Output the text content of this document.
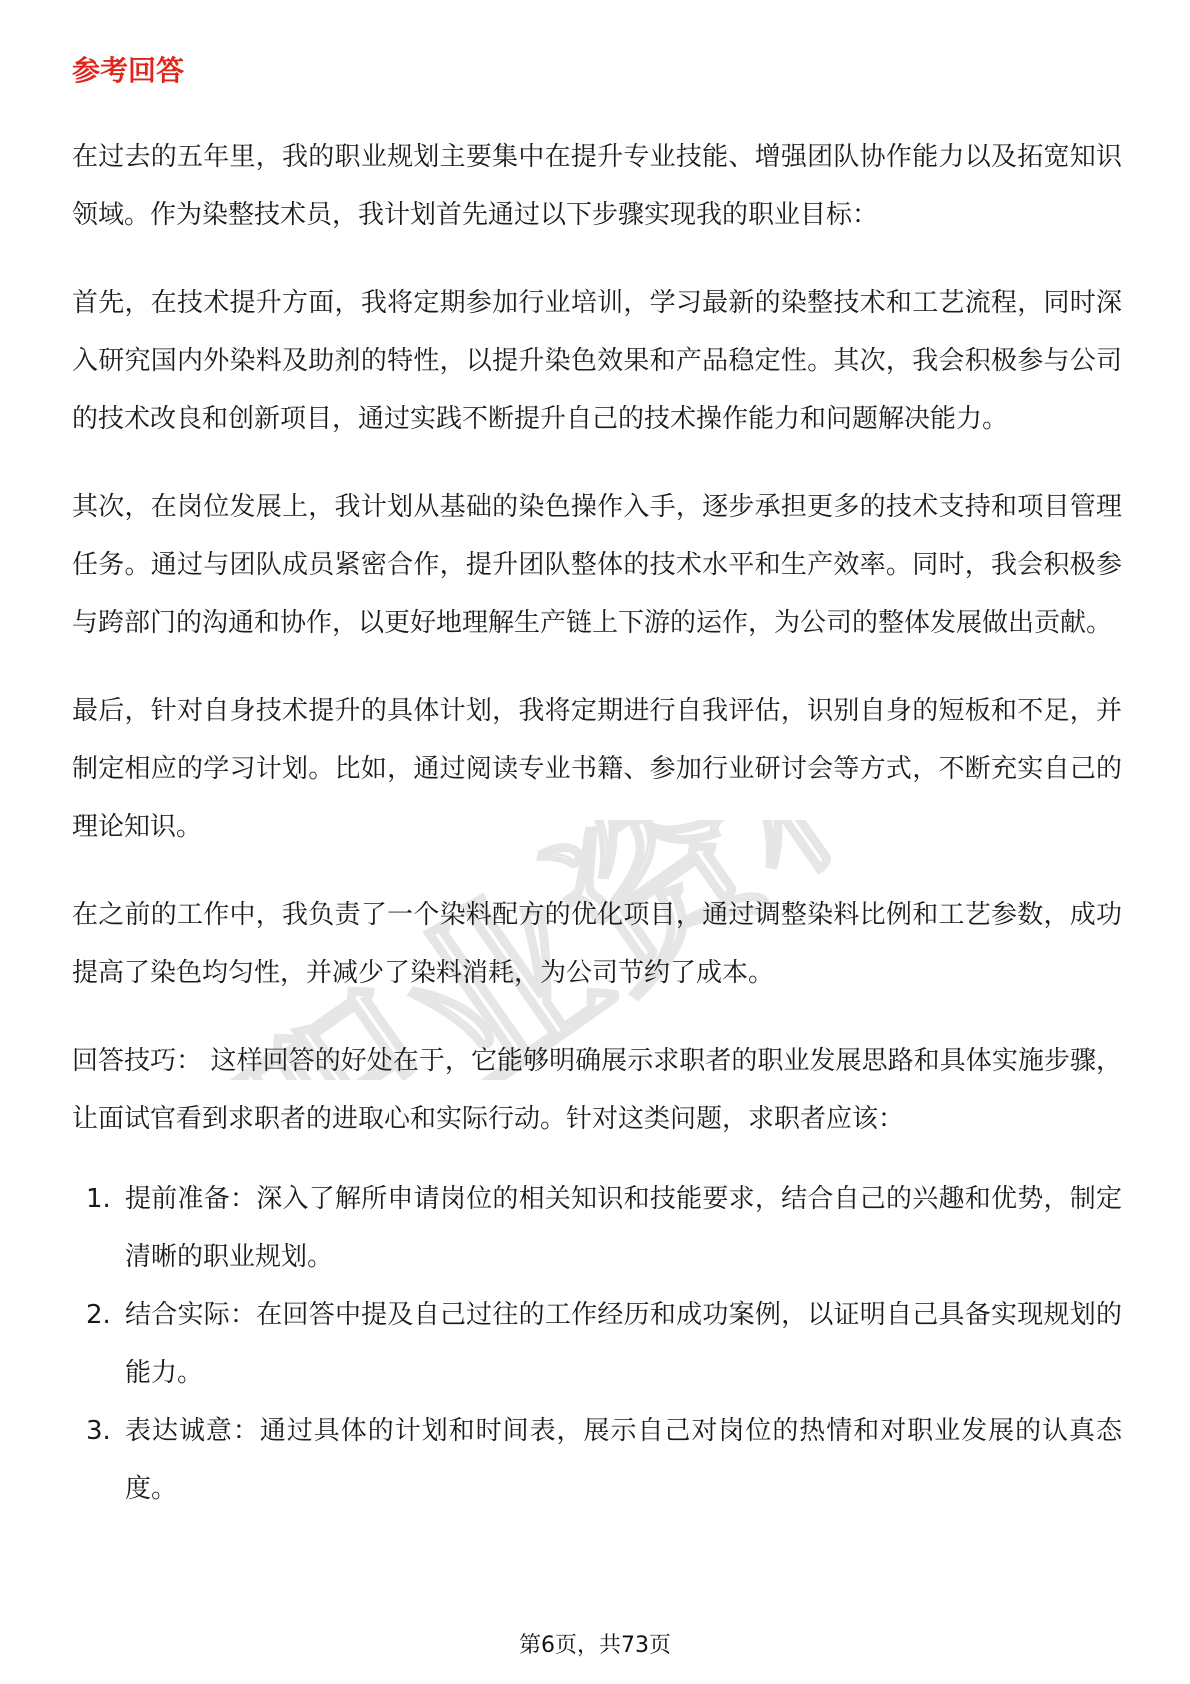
参考回答

在过去的五年里，我的职业规划主要集中在提升专业技能、增强团队协作能力以及拓宽知识领域。作为染整技术员，我计划首先通过以下步骤实现我的职业目标：

首先，在技术提升方面，我将定期参加行业培训，学习最新的染整技术和工艺流程，同时深入研究国内外染料及助剂的特性，以提升染色效果和产品稳定性。其次，我会积极参与公司的技术改良和创新项目，通过实践不断提升自己的技术操作能力和问题解决能力。

其次，在岗位发展上，我计划从基础的染色操作入手，逐步承担更多的技术支持和项目管理任务。通过与团队成员紧密合作，提升团队整体的技术水平和生产效率。同时，我会积极参与跨部门的沟通和协作，以更好地理解生产链上下游的运作，为公司的整体发展做出贡献。

最后，针对自身技术提升的具体计划，我将定期进行自我评估，识别自身的短板和不足，并制定相应的学习计划。比如，通过阅读专业书籍、参加行业研讨会等方式，不断充实自己的理论知识。

在之前的工作中，我负责了一个染料配方的优化项目，通过调整染料比例和工艺参数，成功提高了染色均匀性，并减少了染料消耗，为公司节约了成本。

回答技巧： 这样回答的好处在于，它能够明确展示求职者的职业发展思路和具体实施步骤，让面试官看到求职者的进取心和实际行动。针对这类问题，求职者应该：

1. 提前准备：深入了解所申请岗位的相关知识和技能要求，结合自己的兴趣和优势，制定清晰的职业规划。
2. 结合实际：在回答中提及自己过往的工作经历和成功案例，以证明自己具备实现规划的能力。
3. 表达诚意：通过具体的计划和时间表，展示自己对岗位的热情和对职业发展的认真态度。
第6页，共73页
